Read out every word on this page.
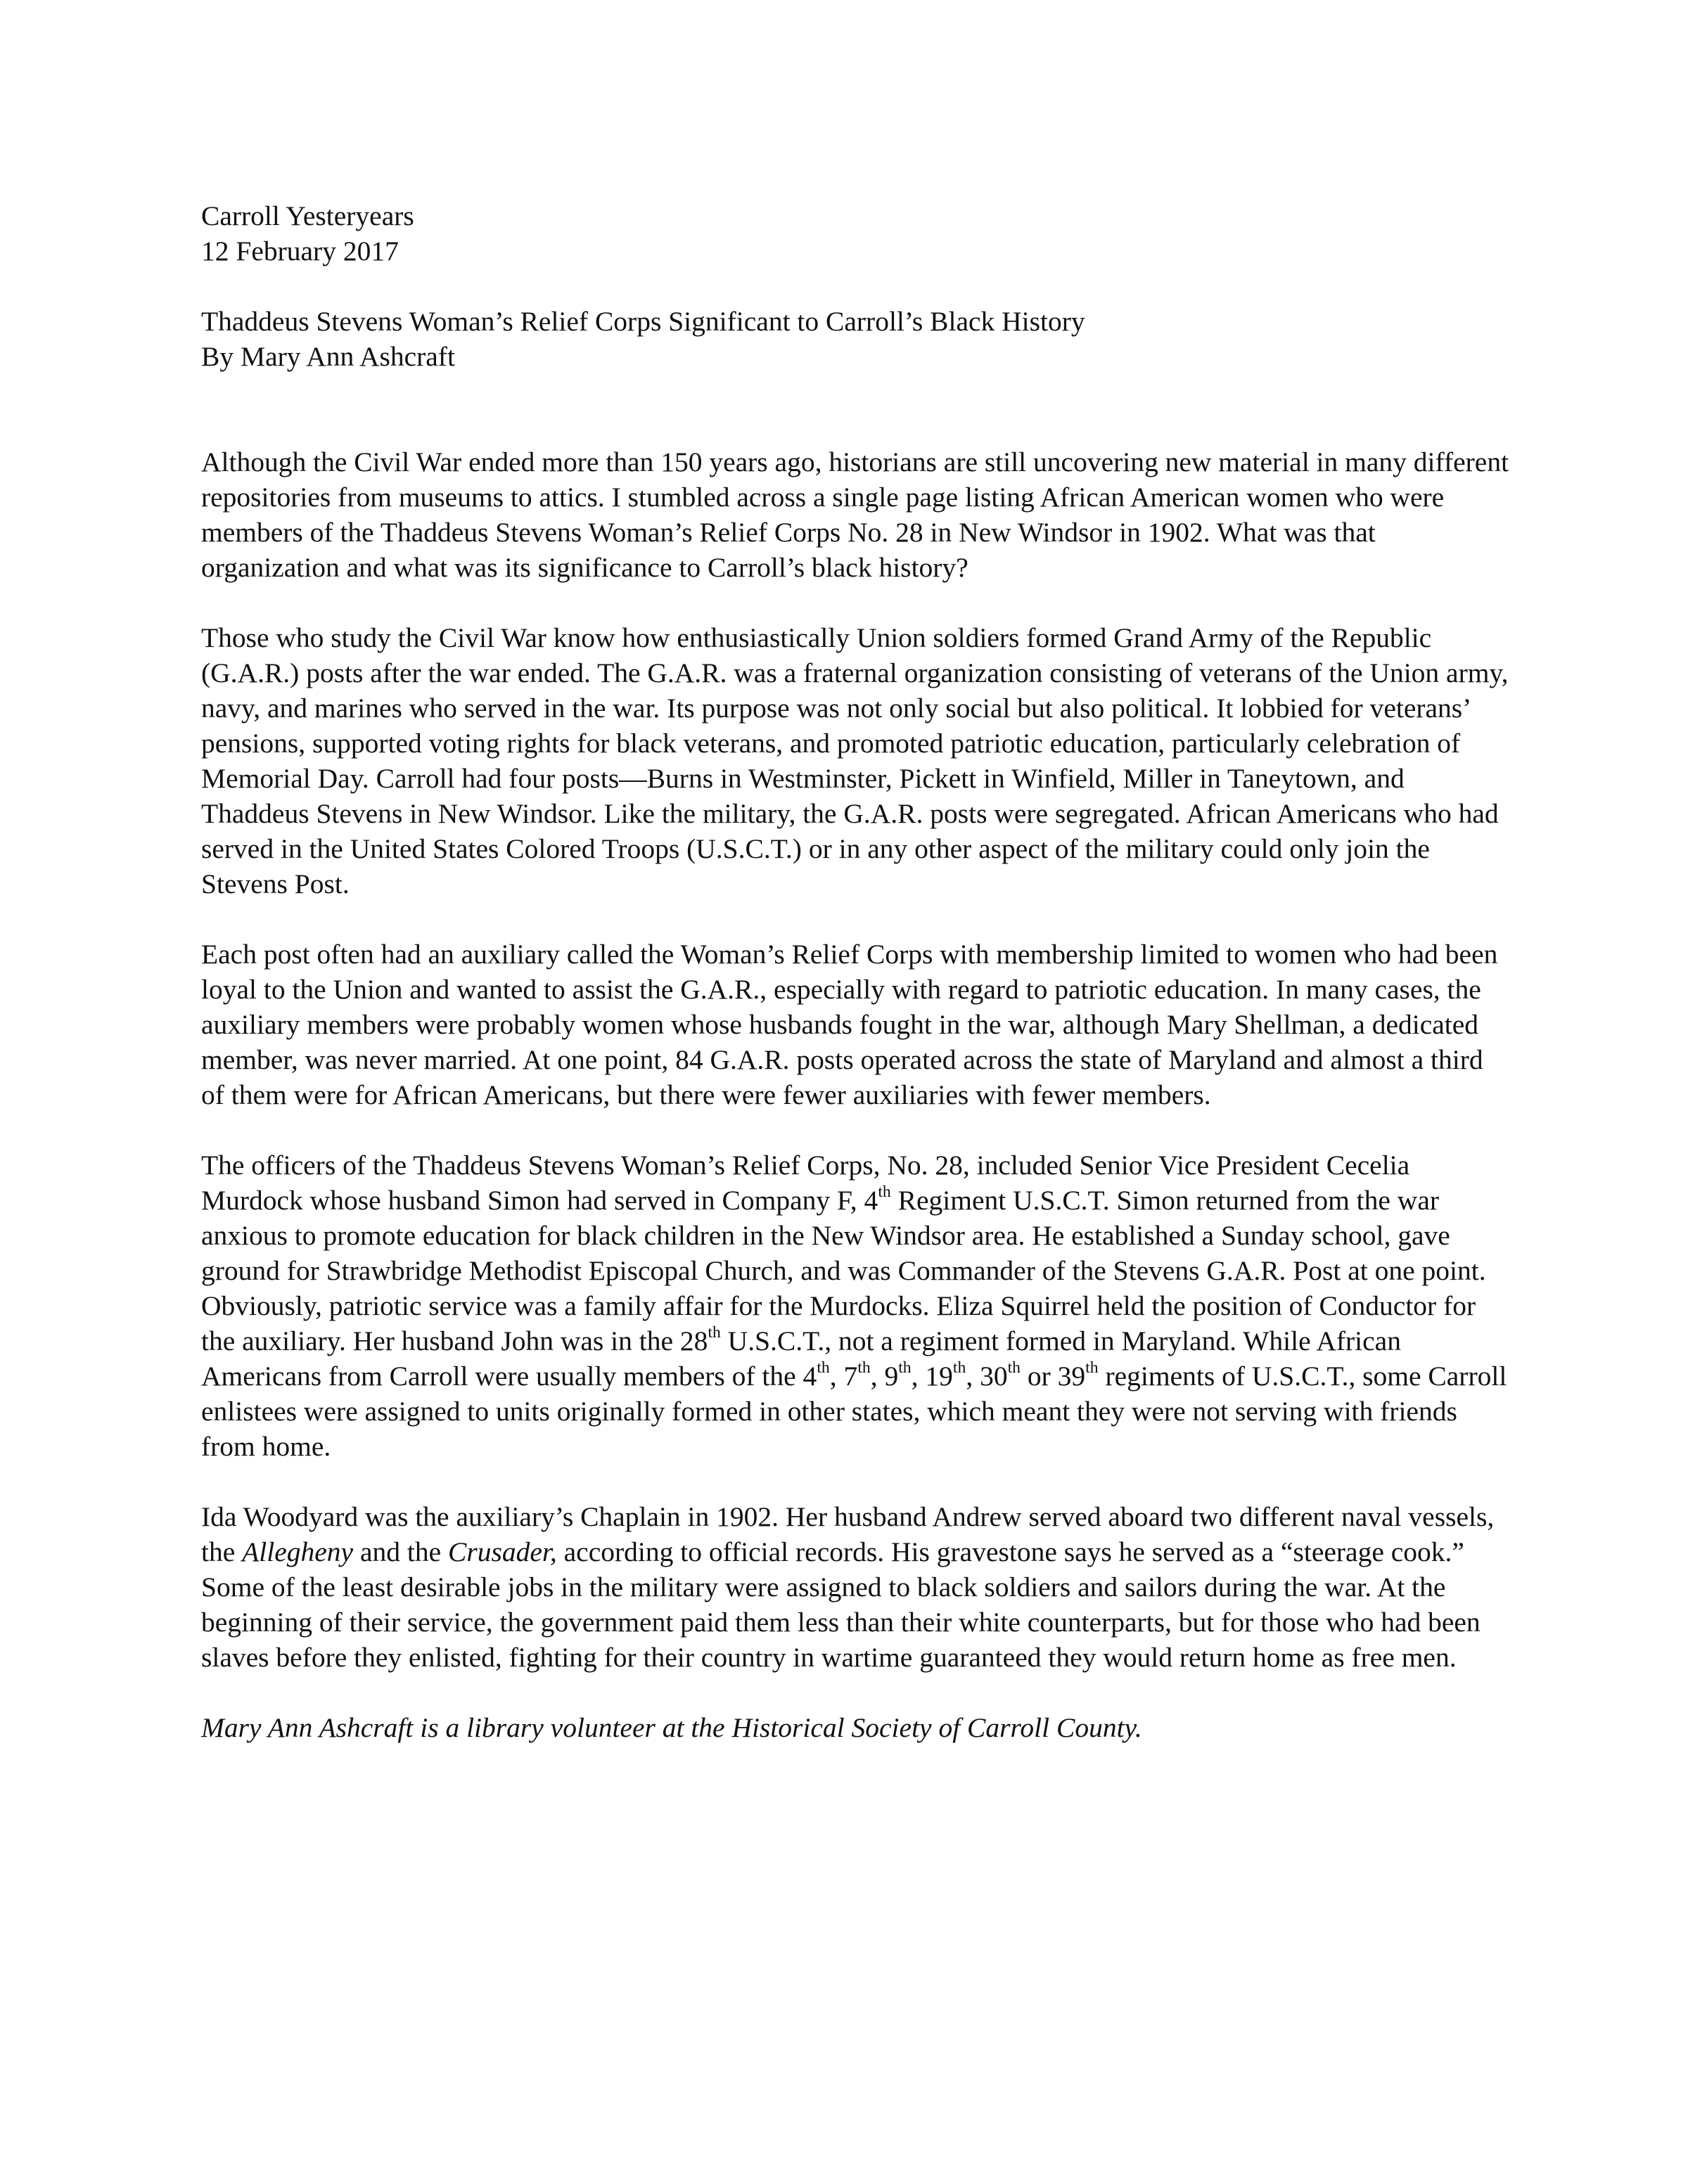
Carroll Yesteryears
12 February 2017
Thaddeus Stevens Woman’s Relief Corps Significant to Carroll’s Black History
By Mary Ann Ashcraft

Although the Civil War ended more than 150 years ago, historians are still uncovering new material in many different repositories from museums to attics. I stumbled across a single page listing African American women who were members of the Thaddeus Stevens Woman’s Relief Corps No. 28 in New Windsor in 1902. What was that organization and what was its significance to Carroll’s black history?

Those who study the Civil War know how enthusiastically Union soldiers formed Grand Army of the Republic (G.A.R.) posts after the war ended. The G.A.R. was a fraternal organization consisting of veterans of the Union army, navy, and marines who served in the war. Its purpose was not only social but also political. It lobbied for veterans’ pensions, supported voting rights for black veterans, and promoted patriotic education, particularly celebration of Memorial Day. Carroll had four posts—Burns in Westminster, Pickett in Winfield, Miller in Taneytown, and Thaddeus Stevens in New Windsor. Like the military, the G.A.R. posts were segregated. African Americans who had served in the United States Colored Troops (U.S.C.T.) or in any other aspect of the military could only join the Stevens Post.

Each post often had an auxiliary called the Woman’s Relief Corps with membership limited to women who had been loyal to the Union and wanted to assist the G.A.R., especially with regard to patriotic education. In many cases, the auxiliary members were probably women whose husbands fought in the war, although Mary Shellman, a dedicated member, was never married. At one point, 84 G.A.R. posts operated across the state of Maryland and almost a third of them were for African Americans, but there were fewer auxiliaries with fewer members.

The officers of the Thaddeus Stevens Woman’s Relief Corps, No. 28, included Senior Vice President Cecelia Murdock whose husband Simon had served in Company F, 4th Regiment U.S.C.T. Simon returned from the war anxious to promote education for black children in the New Windsor area. He established a Sunday school, gave ground for Strawbridge Methodist Episcopal Church, and was Commander of the Stevens G.A.R. Post at one point. Obviously, patriotic service was a family affair for the Murdocks. Eliza Squirrel held the position of Conductor for the auxiliary. Her husband John was in the 28th U.S.C.T., not a regiment formed in Maryland. While African Americans from Carroll were usually members of the 4th, 7th, 9th, 19th, 30th or 39th regiments of U.S.C.T., some Carroll enlistees were assigned to units originally formed in other states, which meant they were not serving with friends from home.

Ida Woodyard was the auxiliary’s Chaplain in 1902. Her husband Andrew served aboard two different naval vessels, the Allegheny and the Crusader, according to official records. His gravestone says he served as a “steerage cook.” Some of the least desirable jobs in the military were assigned to black soldiers and sailors during the war. At the beginning of their service, the government paid them less than their white counterparts, but for those who had been slaves before they enlisted, fighting for their country in wartime guaranteed they would return home as free men.

Mary Ann Ashcraft is a library volunteer at the Historical Society of Carroll County.
